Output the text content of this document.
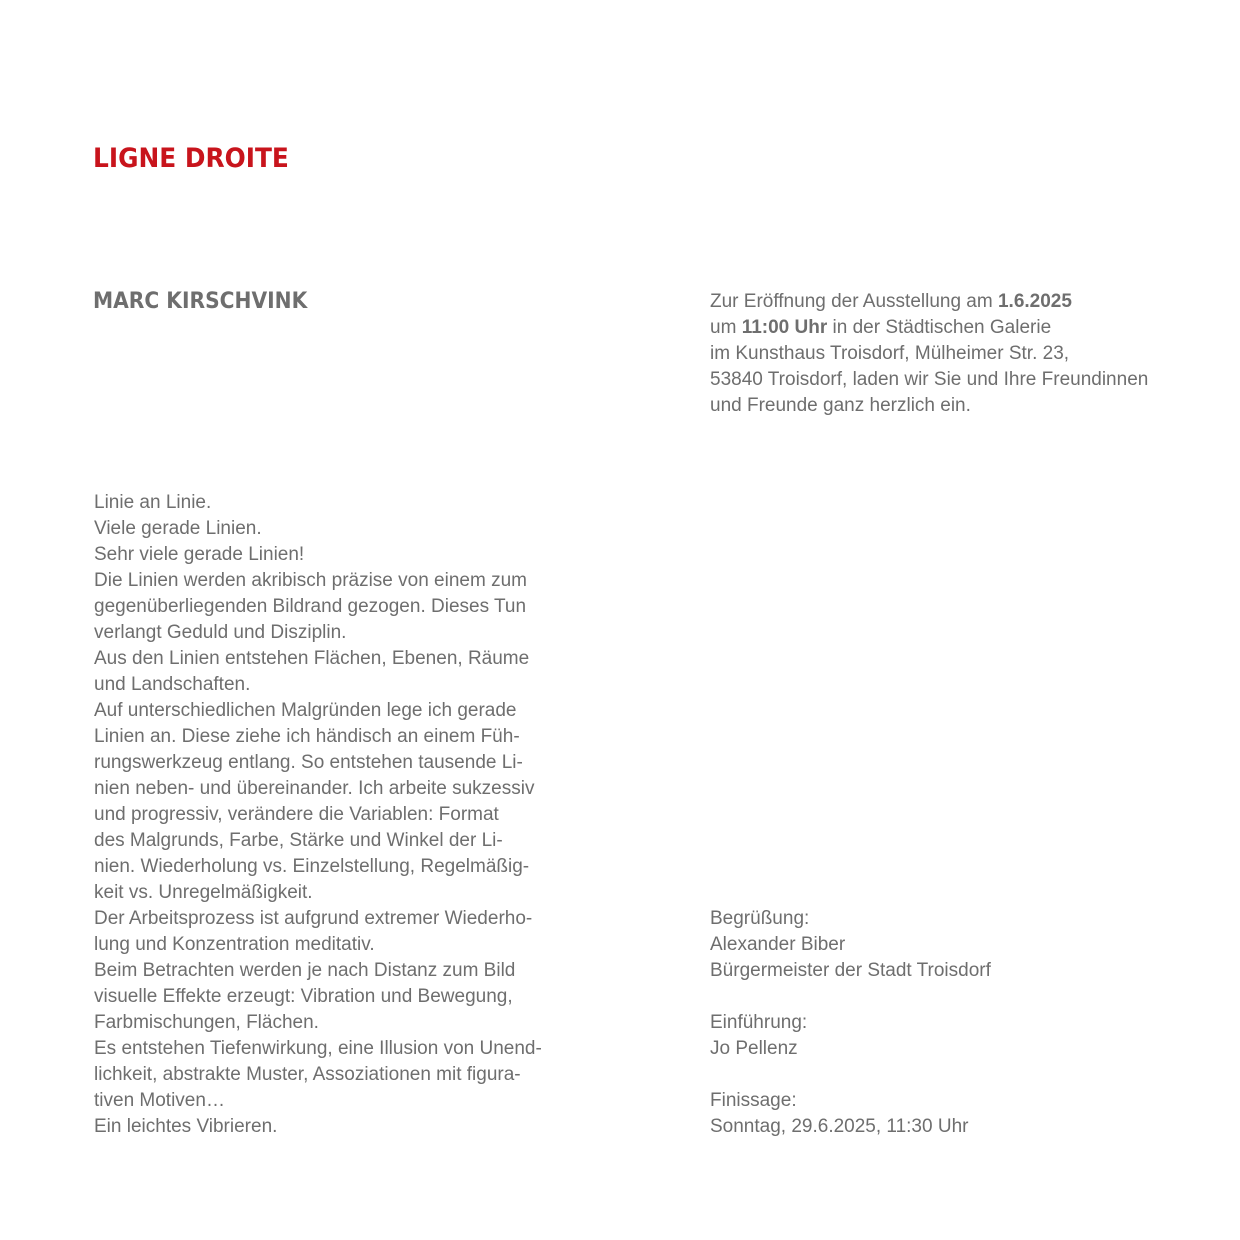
LIGNE DROITE
MARC KIRSCHVINK	Zur Eröffnung der Ausstellung am 1.6.2025
um 11:00 Uhr in der Städtischen Galerie
im Kunsthaus Troisdorf, Mülheimer Str. 23,
53840 Troisdorf, laden wir Sie und Ihre Freundinnen
und Freunde ganz herzlich ein.
Linie an Linie.
Viele gerade Linien.
Sehr viele gerade Linien!
Die Linien werden akribisch präzise von einem zum
gegenüberliegenden Bildrand gezogen. Dieses Tun
verlangt Geduld und Disziplin.
Aus den Linien entstehen Flächen, Ebenen, Räume
und Landschaften.
Auf unterschiedlichen Malgründen lege ich gerade
Linien an. Diese ziehe ich händisch an einem Füh-
rungswerkzeug entlang. So entstehen tausende Li-
nien neben- und übereinander. Ich arbeite sukzessiv
und progressiv, verändere die Variablen: Format
des Malgrunds, Farbe, Stärke und Winkel der Li-
nien. Wiederholung vs. Einzelstellung, Regelmäßig-
keit vs. Unregelmäßigkeit.
Der Arbeitsprozess ist aufgrund extremer Wiederho-
lung und Konzentration meditativ.
Beim Betrachten werden je nach Distanz zum Bild
visuelle Effekte erzeugt: Vibration und Bewegung,
Farbmischungen, Flächen.
Es entstehen Tiefenwirkung, eine Illusion von Unend-
lichkeit, abstrakte Muster, Assoziationen mit figura-
tiven Motiven…
Ein leichtes Vibrieren.
Begrüßung:
Alexander Biber
Bürgermeister der Stadt Troisdorf
Einführung:
Jo Pellenz
Finissage:
Sonntag, 29.6.2025, 11:30 Uhr
